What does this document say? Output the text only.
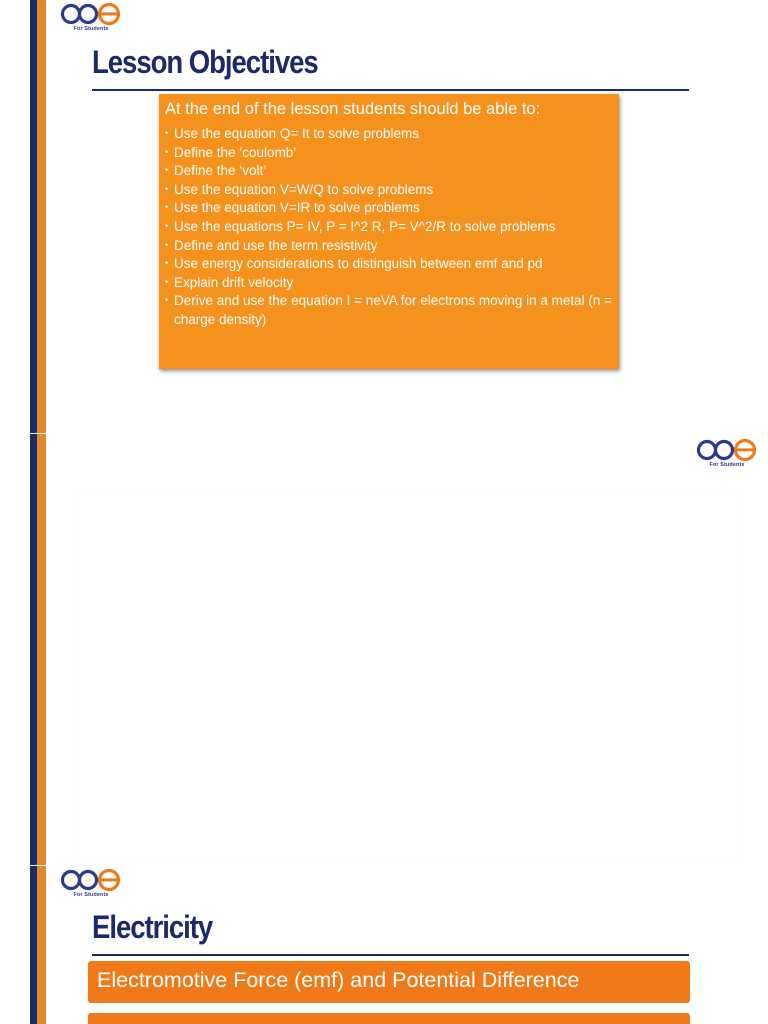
For Students
Lesson Objectives

At the end of the lesson students should be able to:

• Use the equation Q= It to solve problems
• Define the ‘coulomb’
• Define the ‘volt’
• Use the equation V=W/Q to solve problems
• Use the equation V=IR to solve problems
• Use the equations P= IV, P = I^2 R, P= V^2/R to solve problems
• Define and use the term resistivity
• Use energy considerations to distinguish between emf and pd
• Explain drift velocity
• Derive and use the equation I = neVA for electrons moving in a metal (n = charge density)
For Students
For Students
Electricity
Electromotive Force (emf) and Potential Difference
